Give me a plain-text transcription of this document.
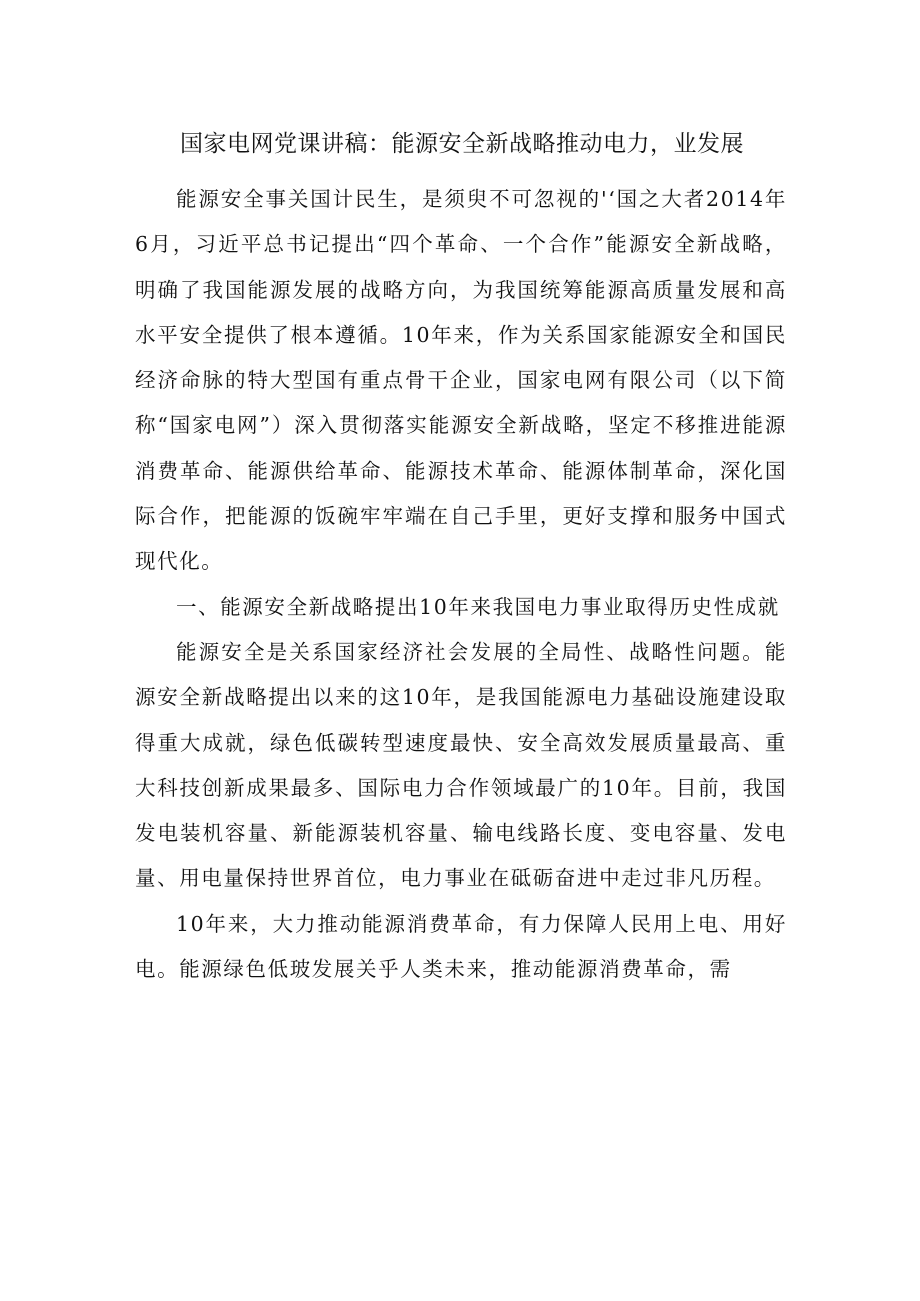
国家电网党课讲稿：能源安全新战略推动电力，业发展

能源安全事关国计民生，是须臾不可忽视的'‘国之大者2014年6月，习近平总书记提出“四个革命、一个合作”能源安全新战略，明确了我国能源发展的战略方向，为我国统筹能源高质量发展和高水平安全提供了根本遵循。10年来，作为关系国家能源安全和国民经济命脉的特大型国有重点骨干企业，国家电网有限公司（以下简称“国家电网”）深入贯彻落实能源安全新战略，坚定不移推进能源消费革命、能源供给革命、能源技术革命、能源体制革命，深化国际合作，把能源的饭碗牢牢端在自己手里，更好支撑和服务中国式现代化。

一、能源安全新战略提出10年来我国电力事业取得历史性成就

能源安全是关系国家经济社会发展的全局性、战略性问题。能源安全新战略提出以来的这10年，是我国能源电力基础设施建设取得重大成就，绿色低碳转型速度最快、安全高效发展质量最高、重大科技创新成果最多、国际电力合作领域最广的10年。目前，我国发电装机容量、新能源装机容量、输电线路长度、变电容量、发电量、用电量保持世界首位，电力事业在砥砺奋进中走过非凡历程。

10年来，大力推动能源消费革命，有力保障人民用上电、用好电。能源绿色低玻发展关乎人类未来，推动能源消费革命，需
